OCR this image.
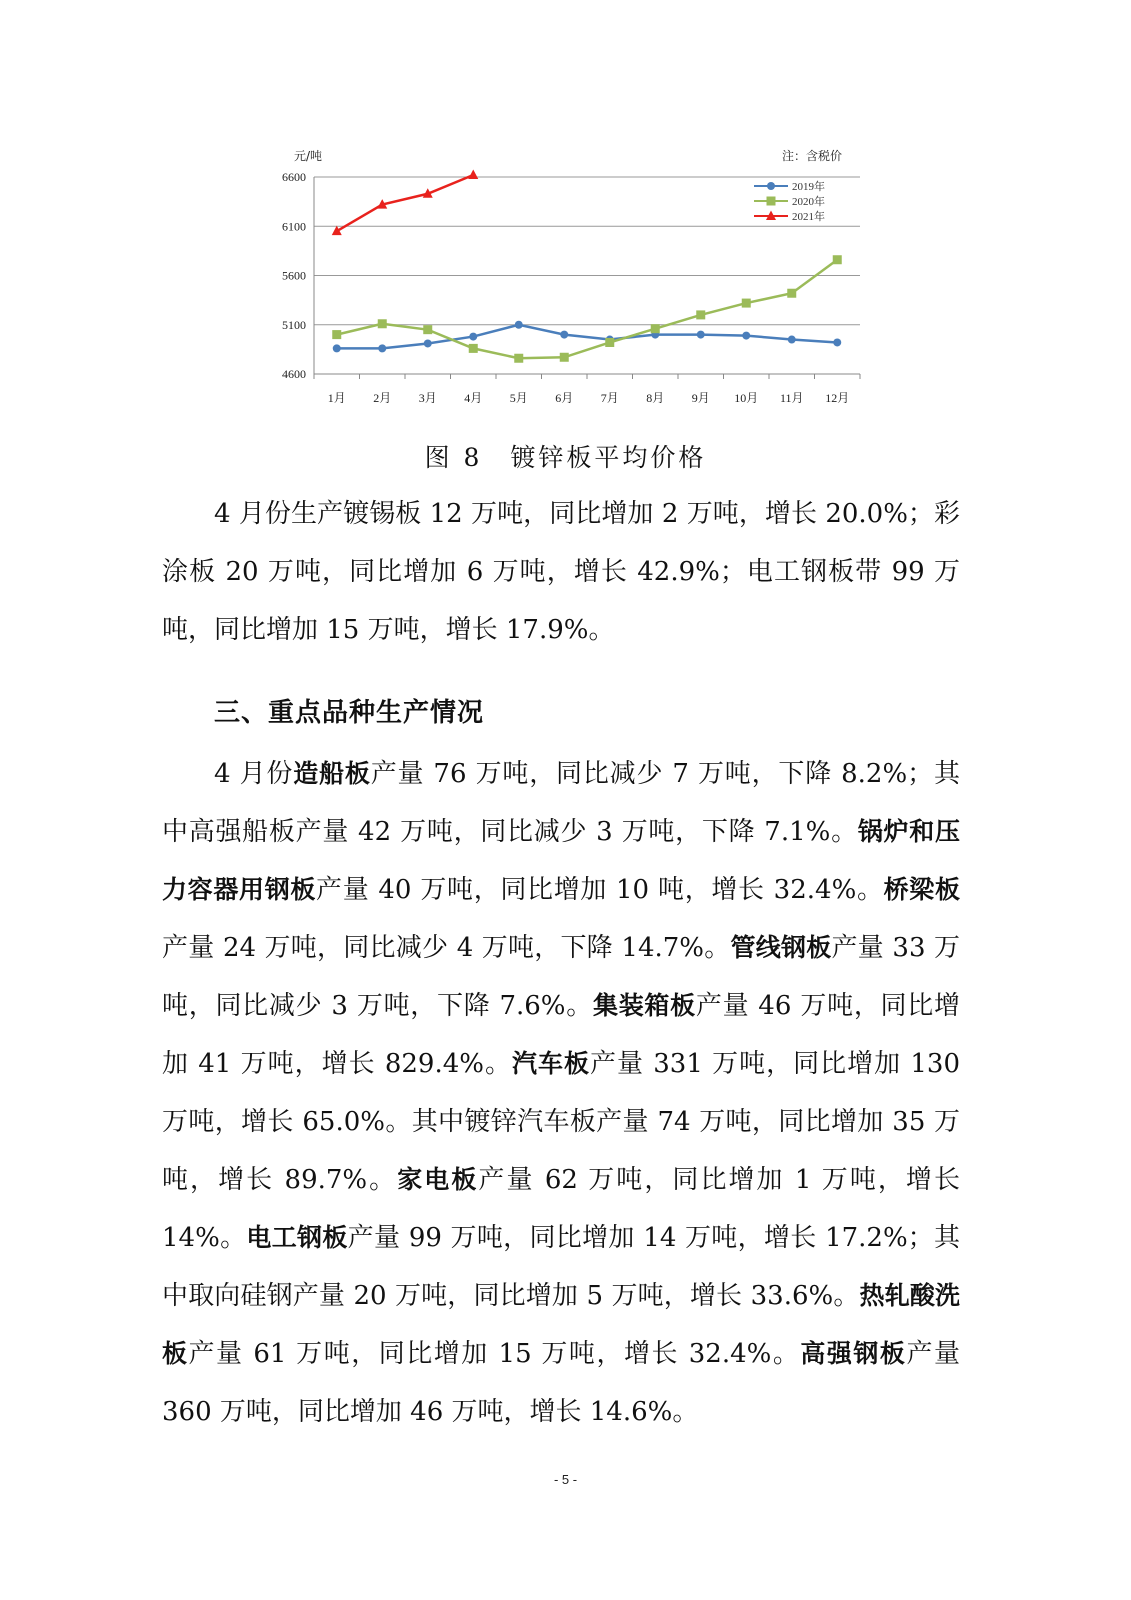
6600
6100
5600
5100
4600
1月 2月 3月 4月 5月 6月 7月 8月 9月 10月 11月 12月
元/吨	注：含税价
2019年
2020年
2021年
图 8　镀锌板平均价格

4 月份生产镀锡板 12 万吨，同比增加 2 万吨，增长 20.0%；彩涂板 20 万吨，同比增加 6 万吨，增长 42.9%；电工钢板带 99 万吨，同比增加 15 万吨，增长 17.9%。

三、重点品种生产情况

4 月份造船板产量 76 万吨，同比减少 7 万吨，下降 8.2%；其中高强船板产量 42 万吨，同比减少 3 万吨，下降 7.1%。锅炉和压力容器用钢板产量 40 万吨，同比增加 10 吨，增长 32.4%。桥梁板产量 24 万吨，同比减少 4 万吨，下降 14.7%。管线钢板产量 33 万吨，同比减少 3 万吨，下降 7.6%。集装箱板产量 46 万吨，同比增加 41 万吨，增长 829.4%。汽车板产量 331 万吨，同比增加 130 万吨，增长 65.0%。其中镀锌汽车板产量 74 万吨，同比增加 35 万吨，增长 89.7%。家电板产量 62 万吨，同比增加 1 万吨，增长 14%。电工钢板产量 99 万吨，同比增加 14 万吨，增长 17.2%；其中取向硅钢产量 20 万吨，同比增加 5 万吨，增长 33.6%。热轧酸洗板产量 61 万吨，同比增加 15 万吨，增长 32.4%。高强钢板产量 360 万吨，同比增加 46 万吨，增长 14.6%。

- 5 -
